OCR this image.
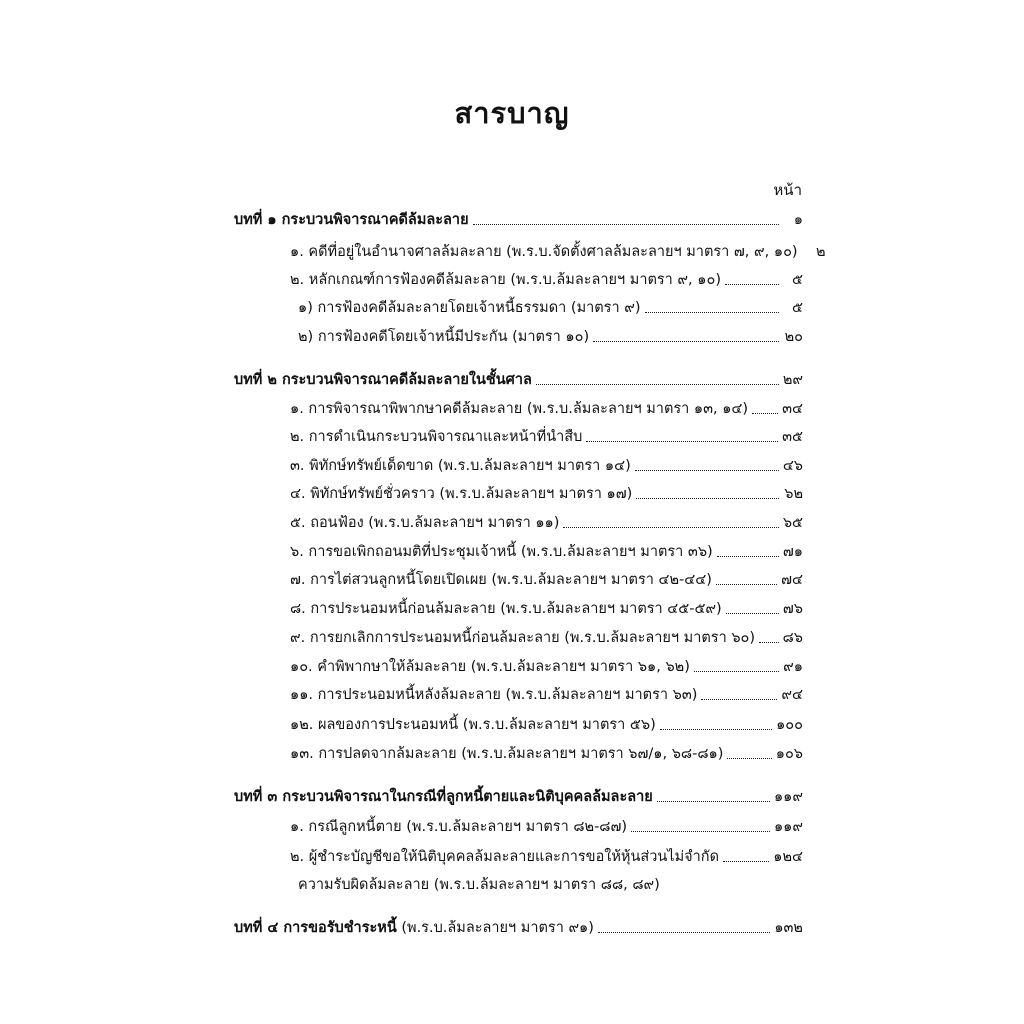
สารบาญ
หน้า
บทที่ ๑ กระบวนพิจารณาคดีล้มละลาย	๑
๑. คดีที่อยู่ในอำนาจศาลล้มละลาย (พ.ร.บ.จัดตั้งศาลล้มละลายฯ มาตรา ๗, ๙, ๑๐)	๒
๒. หลักเกณฑ์การฟ้องคดีล้มละลาย (พ.ร.บ.ล้มละลายฯ มาตรา ๙, ๑๐)	๕
๑) การฟ้องคดีล้มละลายโดยเจ้าหนี้ธรรมดา (มาตรา ๙)	๕
๒) การฟ้องคดีโดยเจ้าหนี้มีประกัน (มาตรา ๑๐)	๒๐
บทที่ ๒ กระบวนพิจารณาคดีล้มละลายในชั้นศาล	๒๙
๑. การพิจารณาพิพากษาคดีล้มละลาย (พ.ร.บ.ล้มละลายฯ มาตรา ๑๓, ๑๔) ๓๔
๒. การดำเนินกระบวนพิจารณาและหน้าที่นำสืบ	๓๕
๓. พิทักษ์ทรัพย์เด็ดขาด (พ.ร.บ.ล้มละลายฯ มาตรา ๑๔)	๔๖
๔. พิทักษ์ทรัพย์ชั่วคราว (พ.ร.บ.ล้มละลายฯ มาตรา ๑๗)	๖๒
๕. ถอนฟ้อง (พ.ร.บ.ล้มละลายฯ มาตรา ๑๑)	๖๕
๖. การขอเพิกถอนมติที่ประชุมเจ้าหนี้ (พ.ร.บ.ล้มละลายฯ มาตรา ๓๖)	๗๑
๗. การไต่สวนลูกหนี้โดยเปิดเผย (พ.ร.บ.ล้มละลายฯ มาตรา ๔๒-๔๔)	๗๔
๘. การประนอมหนี้ก่อนล้มละลาย (พ.ร.บ.ล้มละลายฯ มาตรา ๔๕-๕๙)	๗๖
๙. การยกเลิกการประนอมหนี้ก่อนล้มละลาย (พ.ร.บ.ล้มละลายฯ มาตรา ๖๐) ๘๖
๑๐. คำพิพากษาให้ล้มละลาย (พ.ร.บ.ล้มละลายฯ มาตรา ๖๑, ๖๒)	๙๑
๑๑. การประนอมหนี้หลังล้มละลาย (พ.ร.บ.ล้มละลายฯ มาตรา ๖๓)	๙๔
๑๒. ผลของการประนอมหนี้ (พ.ร.บ.ล้มละลายฯ มาตรา ๕๖)	๑๐๐
๑๓. การปลดจากล้มละลาย (พ.ร.บ.ล้มละลายฯ มาตรา ๖๗/๑, ๖๘-๘๑)	๑๐๖
บทที่ ๓ กระบวนพิจารณาในกรณีที่ลูกหนี้ตายและนิติบุคคลล้มละลาย	๑๑๙
๑. กรณีลูกหนี้ตาย (พ.ร.บ.ล้มละลายฯ มาตรา ๘๒-๘๗)	๑๑๙
๒. ผู้ชำระบัญชีขอให้นิติบุคคลล้มละลายและการขอให้หุ้นส่วนไม่จำกัด	๑๒๔
ความรับผิดล้มละลาย (พ.ร.บ.ล้มละลายฯ มาตรา ๘๘, ๘๙)
บทที่ ๔ การขอรับชำระหนี้ (พ.ร.บ.ล้มละลายฯ มาตรา ๙๑)	๑๓๒
